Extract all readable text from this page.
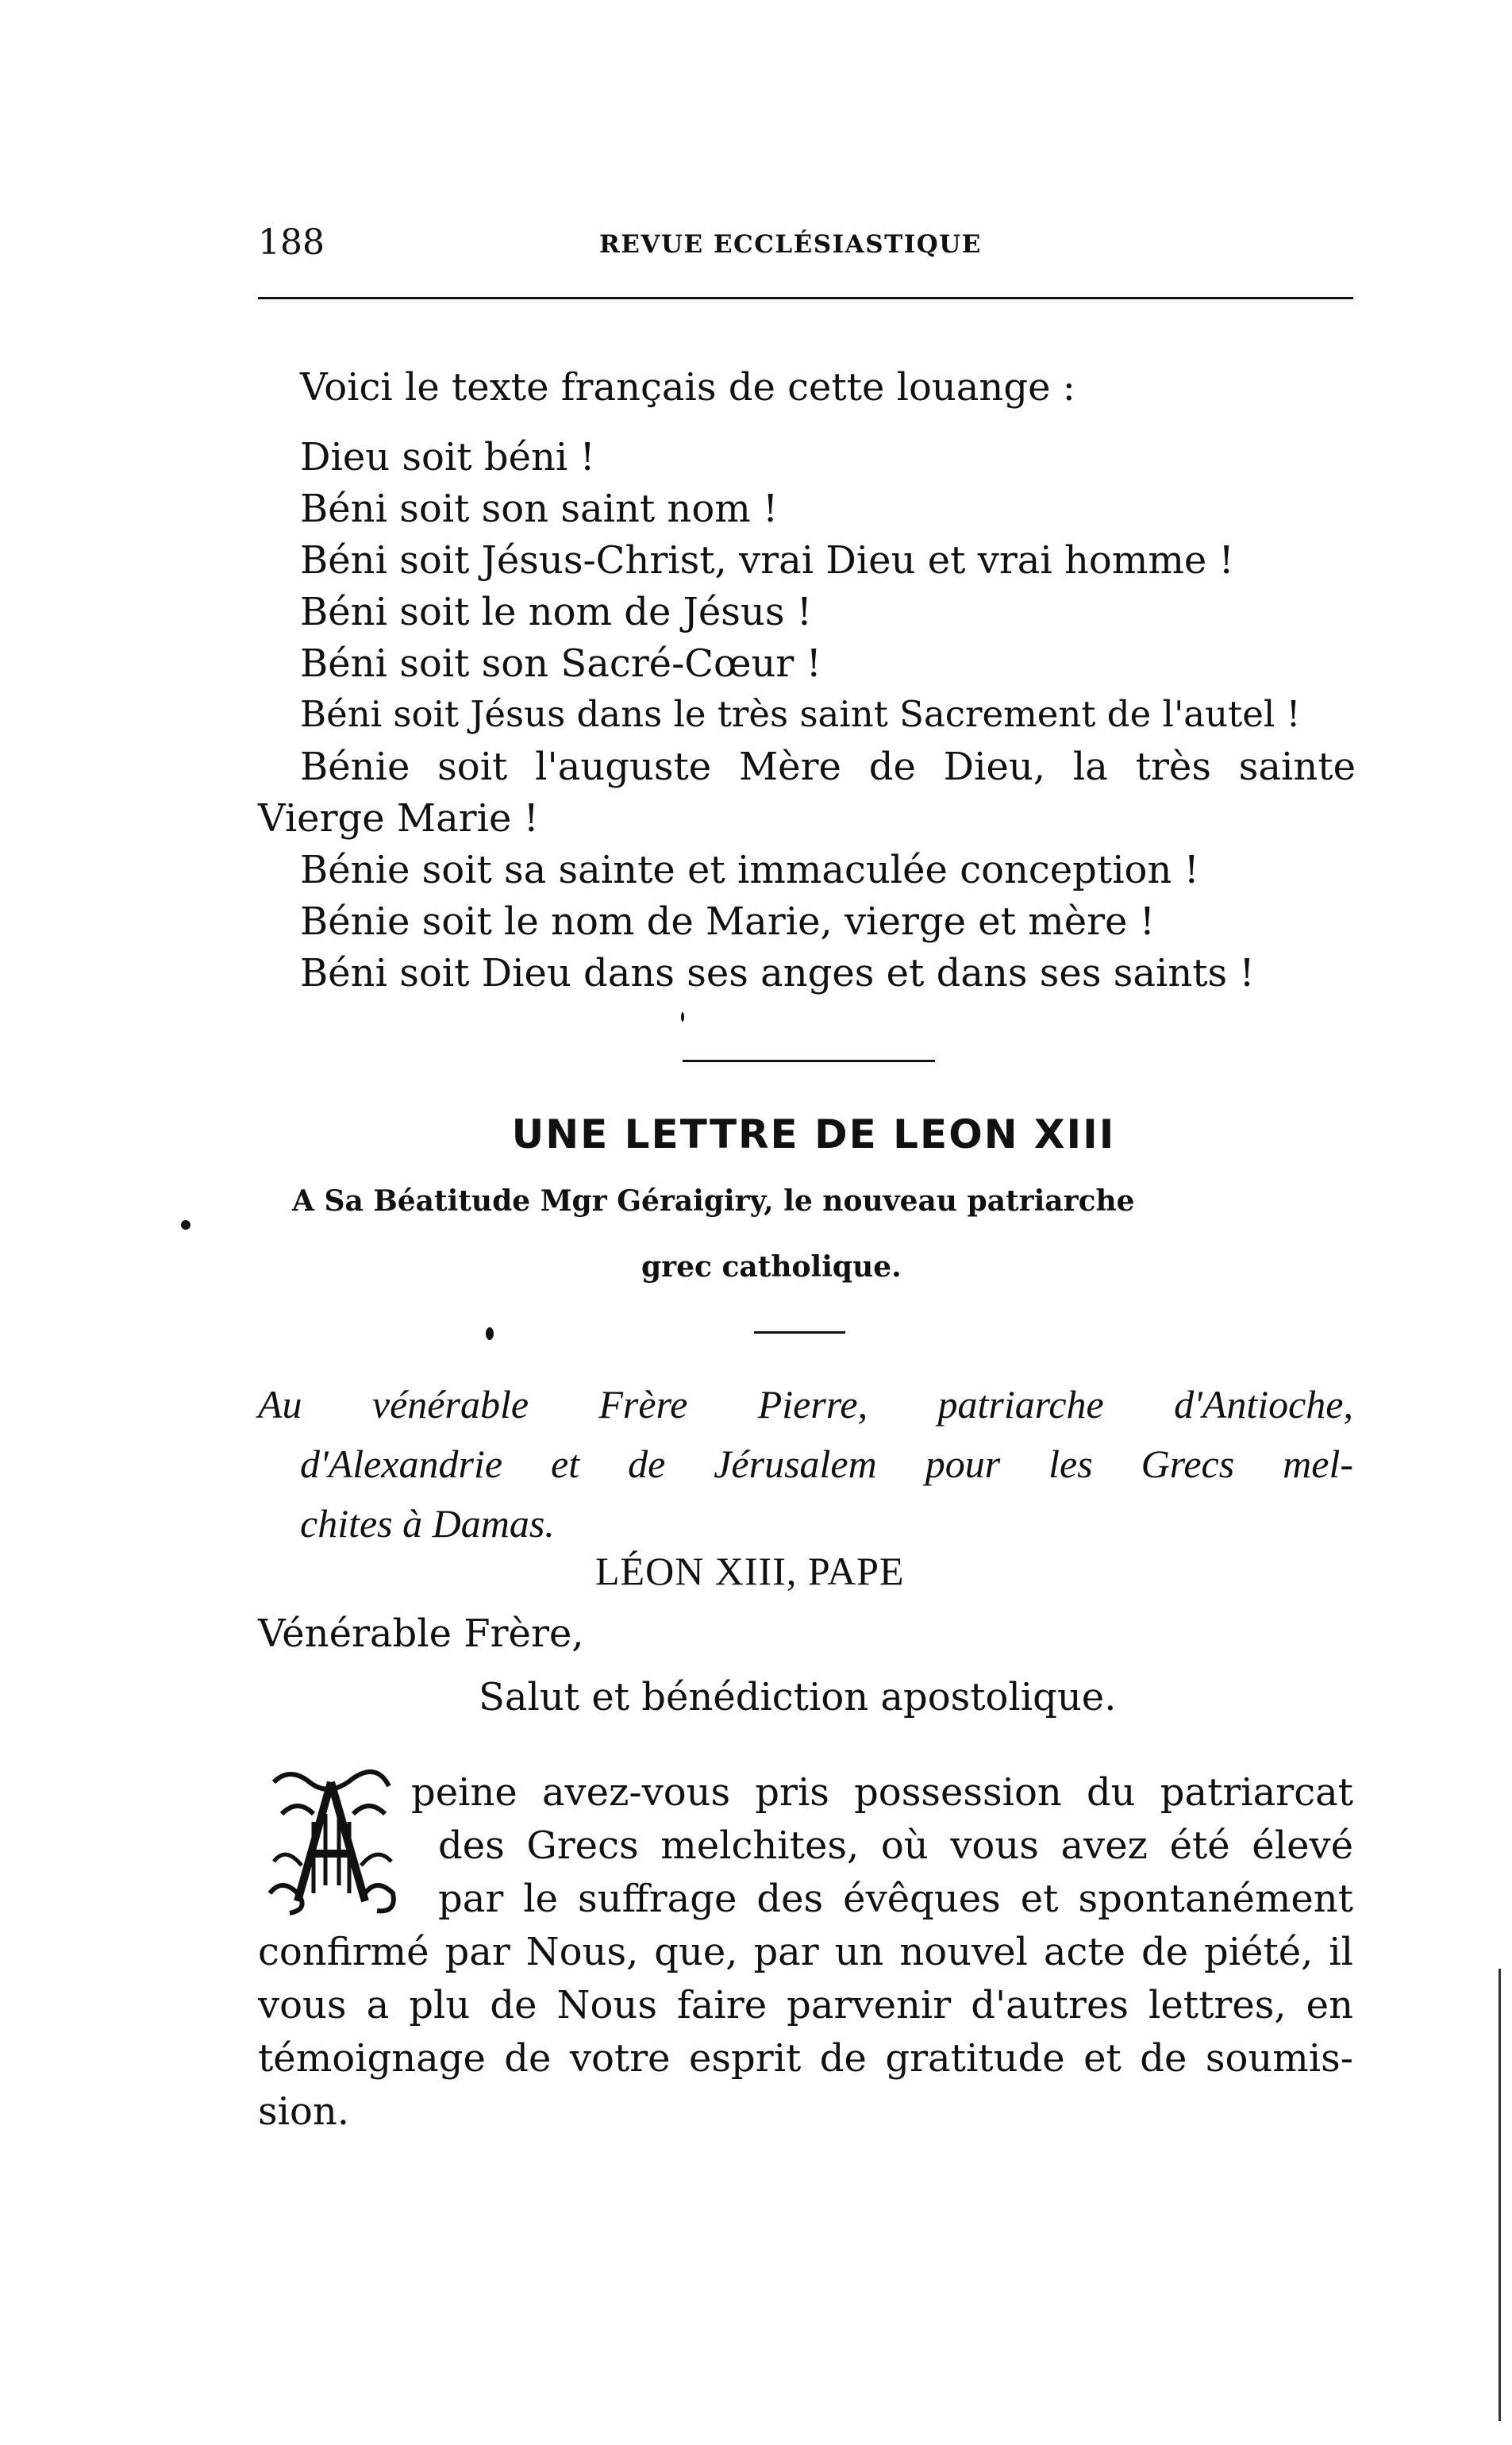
188	REVUE ECCLÉSIASTIQUE
Voici le texte français de cette louange :
Dieu soit béni !
Béni soit son saint nom !
Béni soit Jésus-Christ, vrai Dieu et vrai homme !
Béni soit le nom de Jésus !
Béni soit son Sacré-Cœur !
Béni soit Jésus dans le très saint Sacrement de l'autel !
Bénie soit l'auguste Mère de Dieu, la très sainte
Vierge Marie !
Bénie soit sa sainte et immaculée conception !
Bénie soit le nom de Marie, vierge et mère !
Béni soit Dieu dans ses anges et dans ses saints !
UNE LETTRE DE LEON XIII
A Sa Béatitude Mgr Géraigiry, le nouveau patriarche
grec catholique.
Au vénérable Frère Pierre, patriarche d'Antioche,
d'Alexandrie et de Jérusalem pour les Grecs mel-
chites à Damas.
LÉON XIII, PAPE
Vénérable Frère,
Salut et bénédiction apostolique.
peine avez-vous pris possession du patriarcat
des Grecs melchites, où vous avez été élevé
par le suffrage des évêques et spontanément
confirmé par Nous, que, par un nouvel acte de piété, il
vous a plu de Nous faire parvenir d'autres lettres, en
témoignage de votre esprit de gratitude et de soumis-
sion.
